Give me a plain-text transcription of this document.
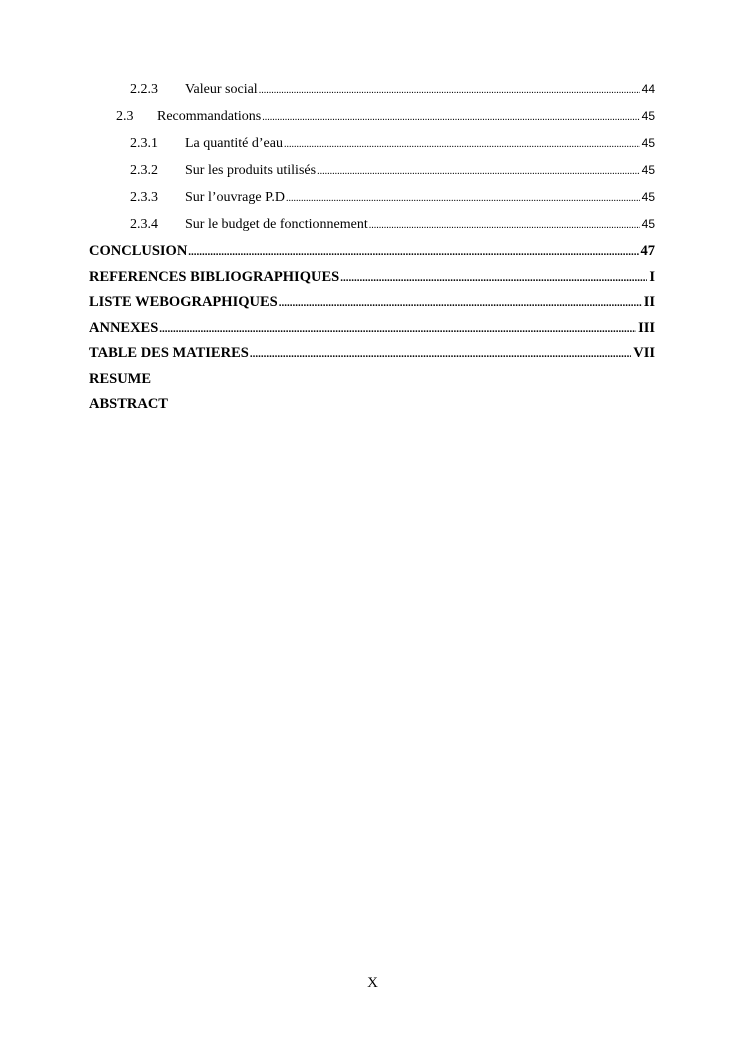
2.2.3	Valeur social .....	44
2.3	Recommandations .....	45
2.3.1	La quantité d’eau .....	45
2.3.2	Sur les produits utilisés .....	45
2.3.3	Sur l’ouvrage P.D .....	45
2.3.4	Sur le budget de fonctionnement .....	45
CONCLUSION .....	47
REFERENCES BIBLIOGRAPHIQUES .....	I
LISTE WEBOGRAPHIQUES .....	II
ANNEXES .....	III
TABLE DES MATIERES .....	VII
RESUME
ABSTRACT
X
